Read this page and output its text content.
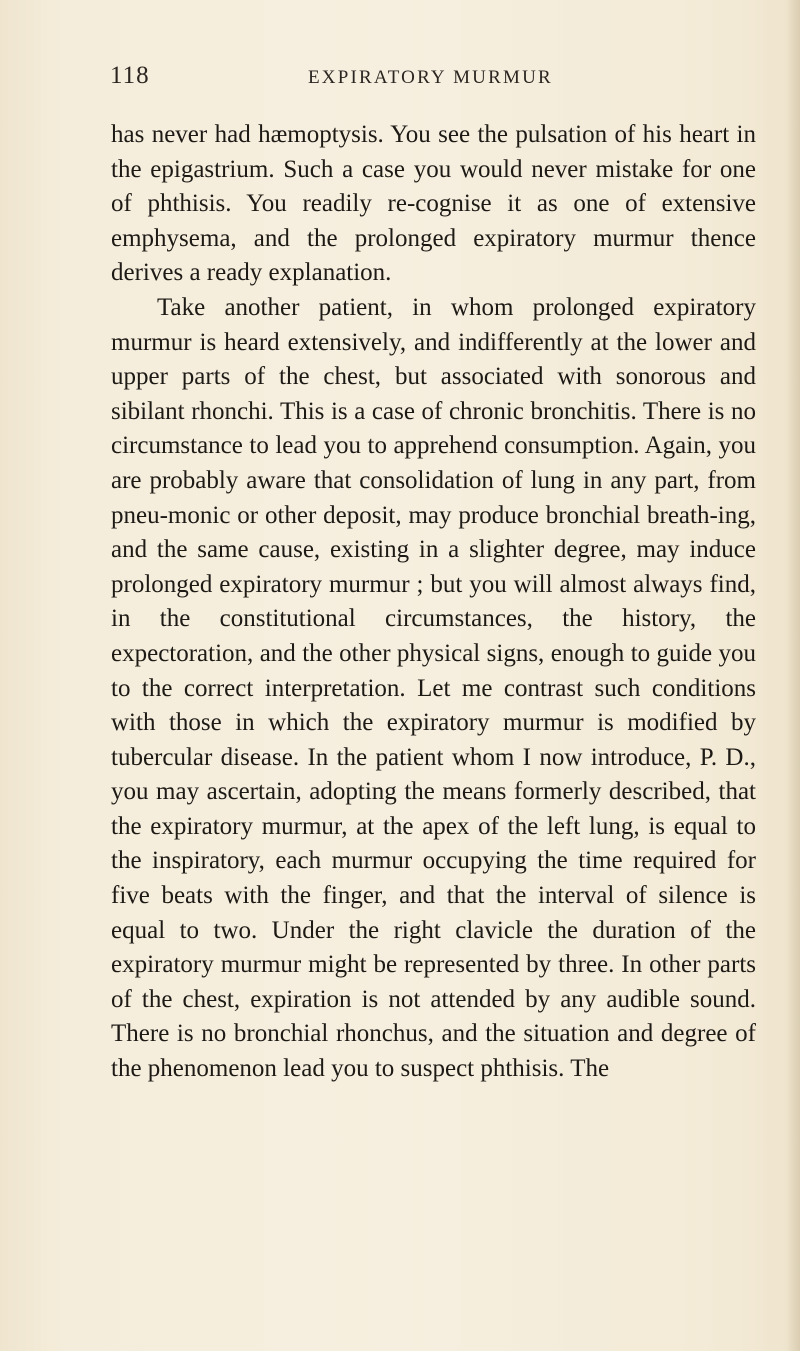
118	EXPIRATORY MURMUR

has never had hæmoptysis. You see the pulsation of his heart in the epigastrium. Such a case you would never mistake for one of phthisis. You readily re-cognise it as one of extensive emphysema, and the prolonged expiratory murmur thence derives a ready explanation.

Take another patient, in whom prolonged expiratory murmur is heard extensively, and indifferently at the lower and upper parts of the chest, but associated with sonorous and sibilant rhonchi. This is a case of chronic bronchitis. There is no circumstance to lead you to apprehend consumption. Again, you are probably aware that consolidation of lung in any part, from pneu-monic or other deposit, may produce bronchial breath-ing, and the same cause, existing in a slighter degree, may induce prolonged expiratory murmur ; but you will almost always find, in the constitutional circumstances, the history, the expectoration, and the other physical signs, enough to guide you to the correct interpretation. Let me contrast such conditions with those in which the expiratory murmur is modified by tubercular disease. In the patient whom I now introduce, P. D., you may ascertain, adopting the means formerly described, that the expiratory murmur, at the apex of the left lung, is equal to the inspiratory, each murmur occupying the time required for five beats with the finger, and that the interval of silence is equal to two. Under the right clavicle the duration of the expiratory murmur might be represented by three. In other parts of the chest, expiration is not attended by any audible sound. There is no bronchial rhonchus, and the situation and degree of the phenomenon lead you to suspect phthisis. The
